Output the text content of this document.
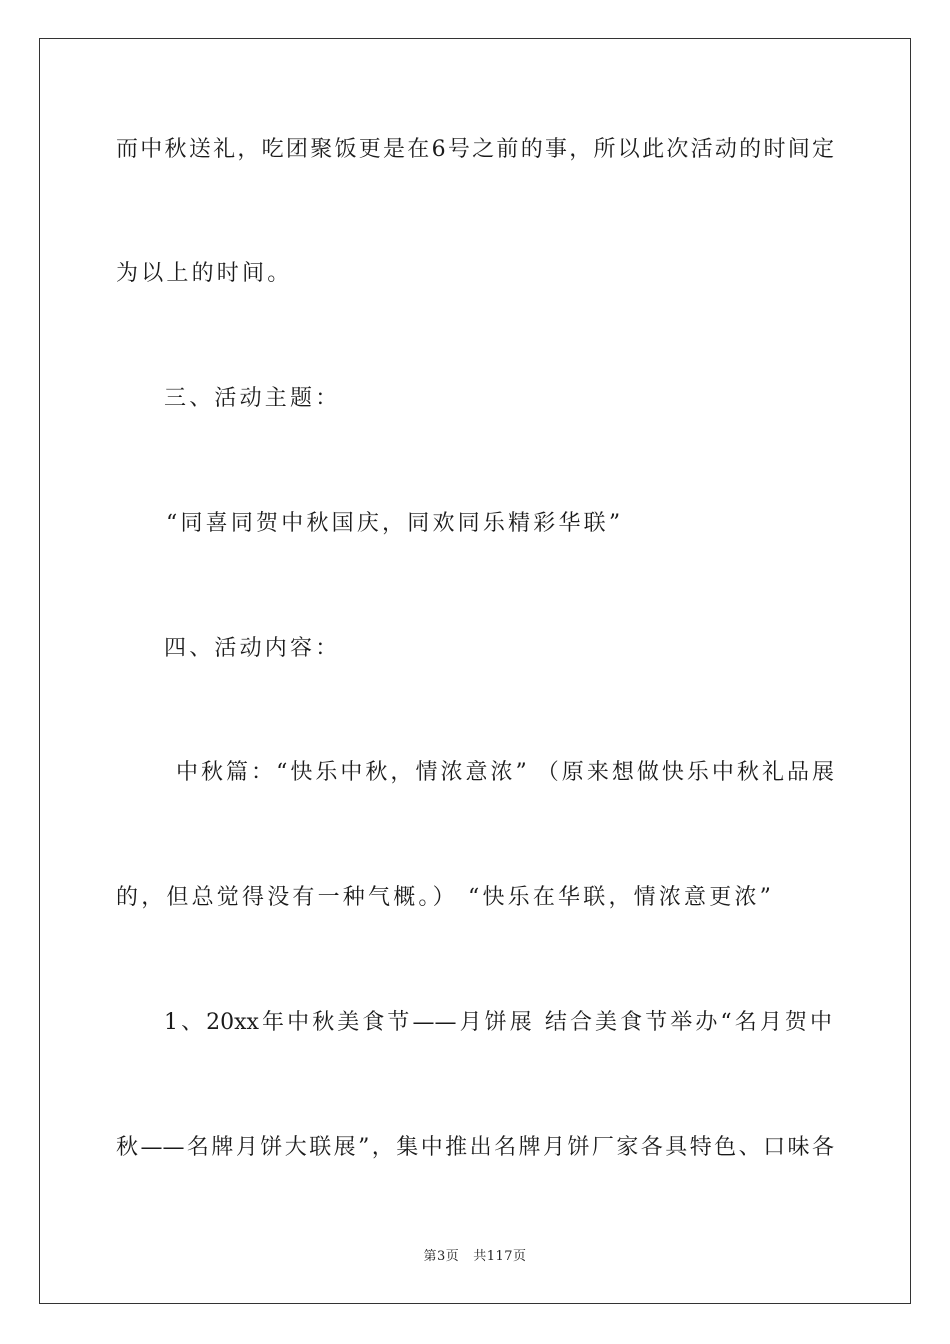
而中秋送礼，吃团聚饭更是在6号之前的事，所以此次活动的时间定
为以上的时间。
三、活动主题：
“同喜同贺中秋国庆，同欢同乐精彩华联”
四、活动内容：
中秋篇：“快乐中秋，情浓意浓” （原来想做快乐中秋礼品展
的，但总觉得没有一种气概。） “快乐在华联，情浓意更浓”
1、20xx年中秋美食节——月饼展 结合美食节举办“名月贺中
秋——名牌月饼大联展”，集中推出名牌月饼厂家各具特色、口味各
第3页 共117页
